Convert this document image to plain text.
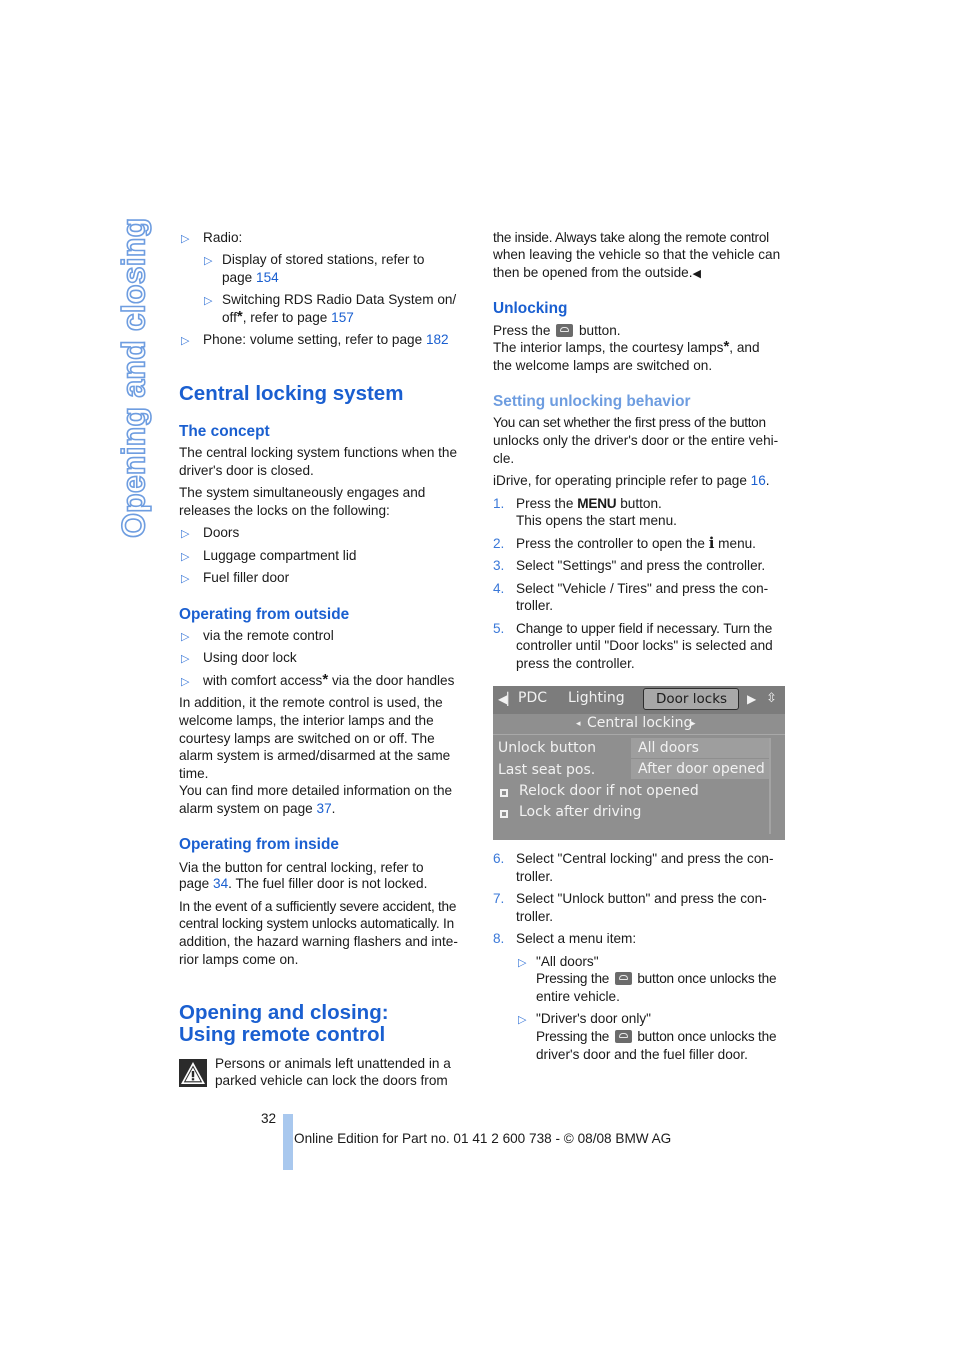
Opening and closing	▷ Radio:
▷ Display of stored stations, refer to
page 154
▷ Switching RDS Radio Data System on/
off*, refer to page 157
▷ Phone: volume setting, refer to page 182
Central locking system
The concept
The central locking system functions when the
driver's door is closed.
The system simultaneously engages and
releases the locks on the following:
▷ Doors
▷ Luggage compartment lid
▷ Fuel filler door
Operating from outside
▷ via the remote control
▷ Using door lock
▷ with comfort access* via the door handles
In addition, it the remote control is used, the
welcome lamps, the interior lamps and the
courtesy lamps are switched on or off. The
alarm system is armed/disarmed at the same
time.
You can find more detailed information on the
alarm system on page 37.
Operating from inside
Via the button for central locking, refer to
page 34. The fuel filler door is not locked.
In the event of a sufficiently severe accident, the
central locking system unlocks automatically. In
addition, the hazard warning flashers and inte-
rior lamps come on.
Opening and closing:
Using remote control
Persons or animals left unattended in a
parked vehicle can lock the doors from
the inside. Always take along the remote control
when leaving the vehicle so that the vehicle can
then be opened from the outside.◀
Unlocking
Press the  button.
The interior lamps, the courtesy lamps*, and
the welcome lamps are switched on.
Setting unlocking behavior
You can set whether the first press of the button
unlocks only the driver's door or the entire vehi-
cle.
iDrive, for operating principle refer to page 16.
1. Press the MENU button.
This opens the start menu.
2. Press the controller to open the i menu.
3. Select "Settings" and press the controller.
4. Select "Vehicle / Tires" and press the con-
troller.
5. Change to upper field if necessary. Turn the
controller until "Door locks" is selected and
press the controller.
◀▏ PDC Lighting Door locks ▶ ⇳
◂ Central locking
▸
Unlock button	All doors
Last seat pos.	After door opened
Relock door if not opened
Lock after driving
6. Select "Central locking" and press the con-
troller.
7. Select "Unlock button" and press the con-
troller.
8. Select a menu item:
▷ "All doors"
Pressing the  button once unlocks the
entire vehicle.
▷ "Driver's door only"
Pressing the  button once unlocks the
driver's door and the fuel filler door.
32
Online Edition for Part no. 01 41 2 600 738 - © 08/08 BMW AG
